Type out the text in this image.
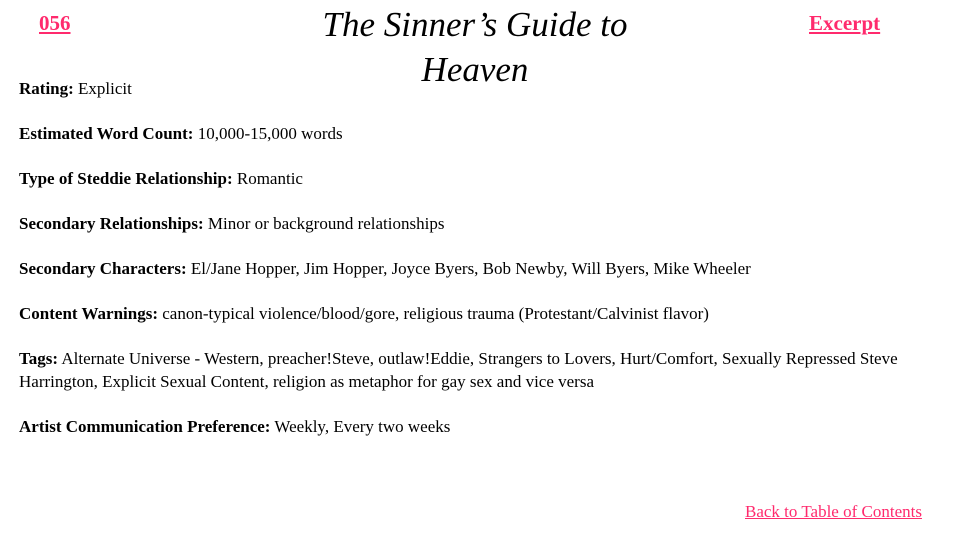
056	The Sinner’s Guide to Heaven
Excerpt

Rating: Explicit

Estimated Word Count: 10,000-15,000 words

Type of Steddie Relationship: Romantic

Secondary Relationships: Minor or background relationships

Secondary Characters: El/Jane Hopper, Jim Hopper, Joyce Byers, Bob Newby, Will Byers, Mike Wheeler

Content Warnings: canon-typical violence/blood/gore, religious trauma (Protestant/Calvinist flavor)

Tags: Alternate Universe - Western, preacher!Steve, outlaw!Eddie, Strangers to Lovers, Hurt/Comfort, Sexually Repressed Steve Harrington, Explicit Sexual Content, religion as metaphor for gay sex and vice versa

Artist Communication Preference: Weekly, Every two weeks

Back to Table of Contents
